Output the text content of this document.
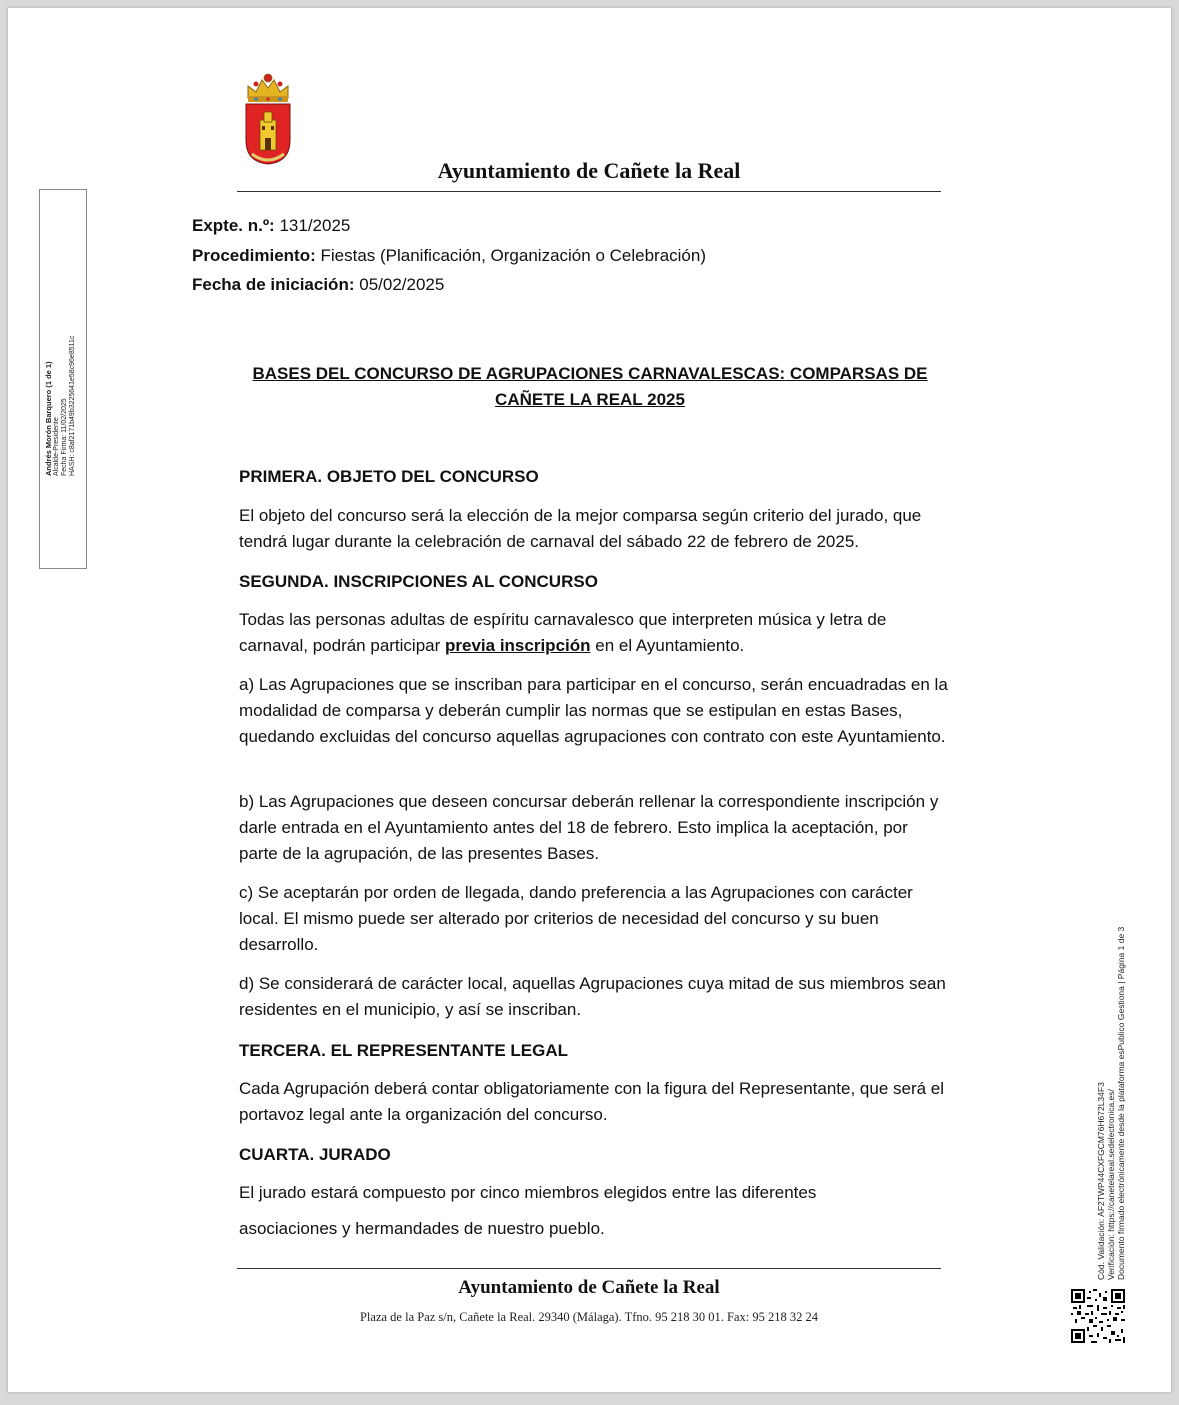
Ayuntamiento de Cañete la Real
Andrés Morón Barquero (1 de 1) Alcalde-Presidente Fecha Firma: 11/02/2025 HASH: c8af2171b49b3225641e58c96e8511c
Expte. n.º: 131/2025
Procedimiento: Fiestas (Planificación, Organización o Celebración)
Fecha de iniciación: 05/02/2025
BASES DEL CONCURSO DE AGRUPACIONES CARNAVALESCAS: COMPARSAS DE
CAÑETE LA REAL 2025
PRIMERA. OBJETO DEL CONCURSO
El objeto del concurso será la elección de la mejor comparsa según criterio del jurado, que tendrá lugar durante la celebración de carnaval del sábado 22 de febrero de 2025.
SEGUNDA. INSCRIPCIONES AL CONCURSO
Todas las personas adultas de espíritu carnavalesco que interpreten música y letra de carnaval, podrán participar previa inscripción en el Ayuntamiento.
a) Las Agrupaciones que se inscriban para participar en el concurso, serán encuadradas en la modalidad de comparsa y deberán cumplir las normas que se estipulan en estas Bases, quedando excluidas del concurso aquellas agrupaciones con contrato con este Ayuntamiento.
b) Las Agrupaciones que deseen concursar deberán rellenar la correspondiente inscripción y darle entrada en el Ayuntamiento antes del 18 de febrero. Esto implica la aceptación, por parte de la agrupación, de las presentes Bases.
c) Se aceptarán por orden de llegada, dando preferencia a las Agrupaciones con carácter local. El mismo puede ser alterado por criterios de necesidad del concurso y su buen desarrollo.
d) Se considerará de carácter local, aquellas Agrupaciones cuya mitad de sus miembros sean residentes en el municipio, y así se inscriban.
TERCERA. EL REPRESENTANTE LEGAL
Cada Agrupación deberá contar obligatoriamente con la figura del Representante, que será el portavoz legal ante la organización del concurso.
CUARTA. JURADO
El jurado estará compuesto por cinco miembros elegidos entre las diferentes
asociaciones y hermandades de nuestro pueblo.
Ayuntamiento de Cañete la Real
Plaza de la Paz s/n, Cañete la Real. 29340 (Málaga). Tfno. 95 218 30 01. Fax: 95 218 32 24
Cód. Validación: AF2TWP44CXFGCM76H672L34F3 Verificación: https://canetelareal.sedelectronica.es/ Documento firmado electrónicamente desde la plataforma esPublico Gestiona | Página 1 de 3
